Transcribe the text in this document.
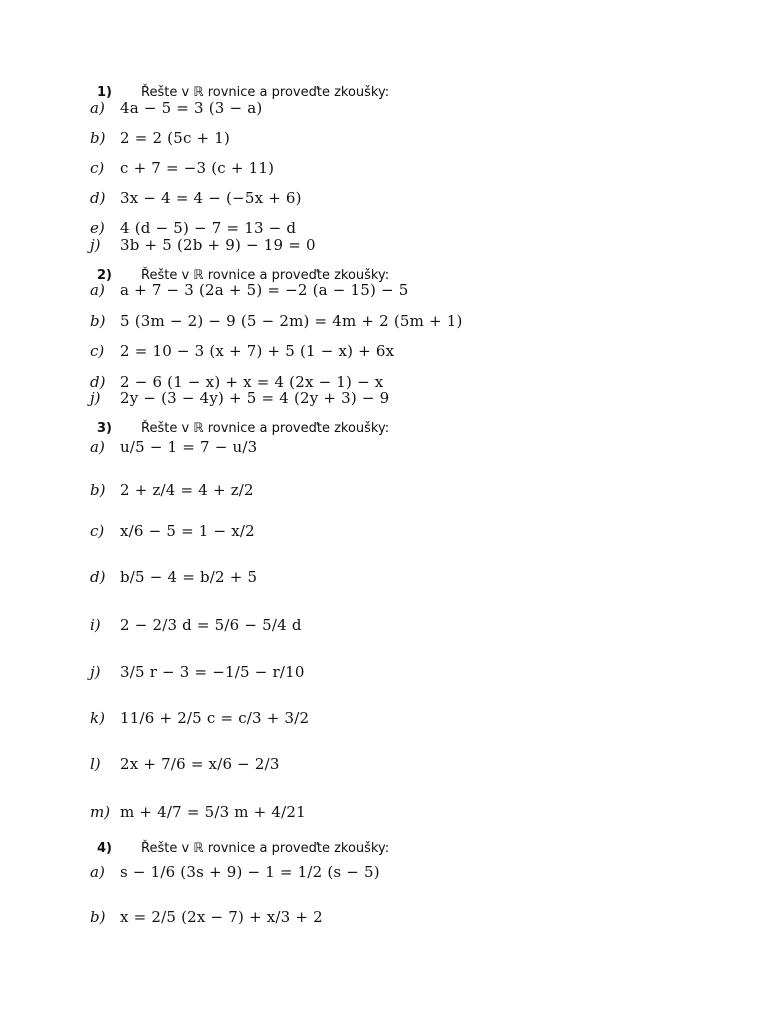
1) Řešte v ℝ rovnice a proveďte zkoušky:
a)	4a − 5 = 3 (3 − a)
b) 2 = 2 (5c + 1)
c)	c + 7 = −3 (c + 11)
d) 3x − 4 = 4 − (−5x + 6)
e)	4 (d − 5) − 7 = 13 − d
j)	3b + 5 (2b + 9) − 19 = 0
2) Řešte v ℝ rovnice a proveďte zkoušky:
a)	a + 7 − 3 (2a + 5) = −2 (a − 15) − 5
b) 5 (3m − 2) − 9 (5 − 2m) = 4m + 2 (5m + 1)
c)	2 = 10 − 3 (x + 7) + 5 (1 − x) + 6x
d) 2 − 6 (1 − x) + x = 4 (2x − 1) − x
j)	2y − (3 − 4y) + 5 = 4 (2y + 3) − 9
3) Řešte v ℝ rovnice a proveďte zkoušky:
a)	u/5 − 1 = 7 − u/3
b) 2 + z/4 = 4 + z/2
c)	x/6 − 5 = 1 − x/2
d) b/5 − 4 = b/2 + 5
i)	2 − 2/3 d = 5/6 − 5/4 d
j)	3/5 r − 3 = −1/5 − r/10
k)	11/6 + 2/5 c = c/3 + 3/2
l)	2x + 7/6 = x/6 − 2/3
m) m + 4/7 = 5/3 m + 4/21
4) Řešte v ℝ rovnice a proveďte zkoušky:
a)	s − 1/6 (3s + 9) − 1 = 1/2 (s − 5)
b) x = 2/5 (2x − 7) + x/3 + 2
